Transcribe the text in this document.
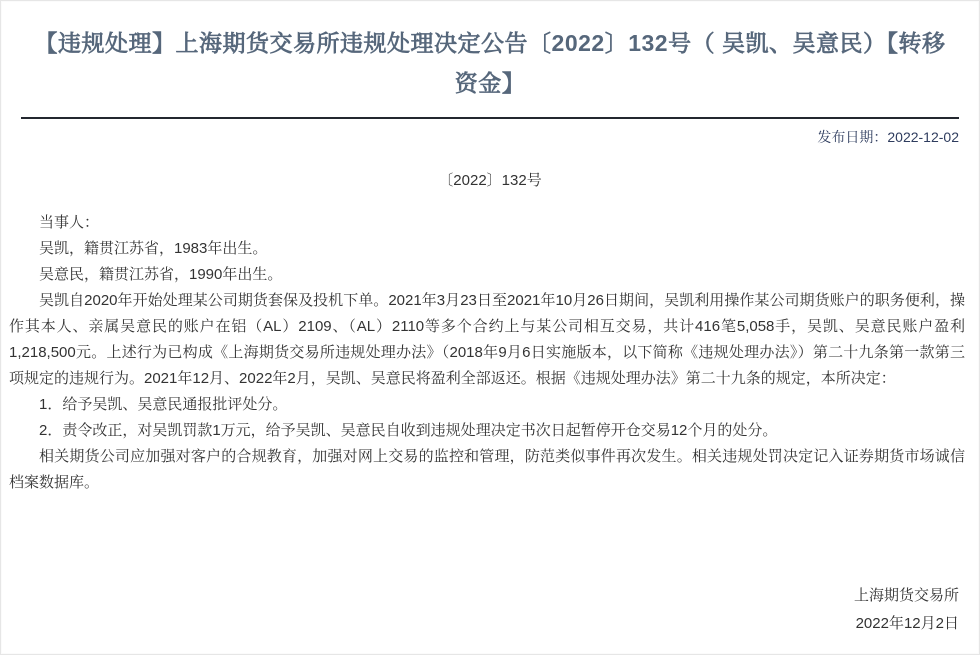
【违规处理】上海期货交易所违规处理决定公告〔2022〕132号（ 吴凯、吴意民）【转移资金】
发布日期：2022-12-02
〔2022〕132号

当事人：

吴凯，籍贯江苏省，1983年出生。

吴意民，籍贯江苏省，1990年出生。

吴凯自2020年开始处理某公司期货套保及投机下单。2021年3月23日至2021年10月26日期间，吴凯利用操作某公司期货账户的职务便利，操作其本人、亲属吴意民的账户在铝（AL）2109、（AL）2110等多个合约上与某公司相互交易，共计416笔5,058手，吴凯、吴意民账户盈利1,218,500元。上述行为已构成《上海期货交易所违规处理办法》（2018年9月6日实施版本，以下简称《违规处理办法》）第二十九条第一款第三项规定的违规行为。2021年12月、2022年2月，吴凯、吴意民将盈利全部返还。根据《违规处理办法》第二十九条的规定，本所决定：

1．给予吴凯、吴意民通报批评处分。

2．责令改正，对吴凯罚款1万元，给予吴凯、吴意民自收到违规处理决定书次日起暂停开仓交易12个月的处分。

相关期货公司应加强对客户的合规教育，加强对网上交易的监控和管理，防范类似事件再次发生。相关违规处罚决定记入证券期货市场诚信档案数据库。

上海期货交易所
2022年12月2日
